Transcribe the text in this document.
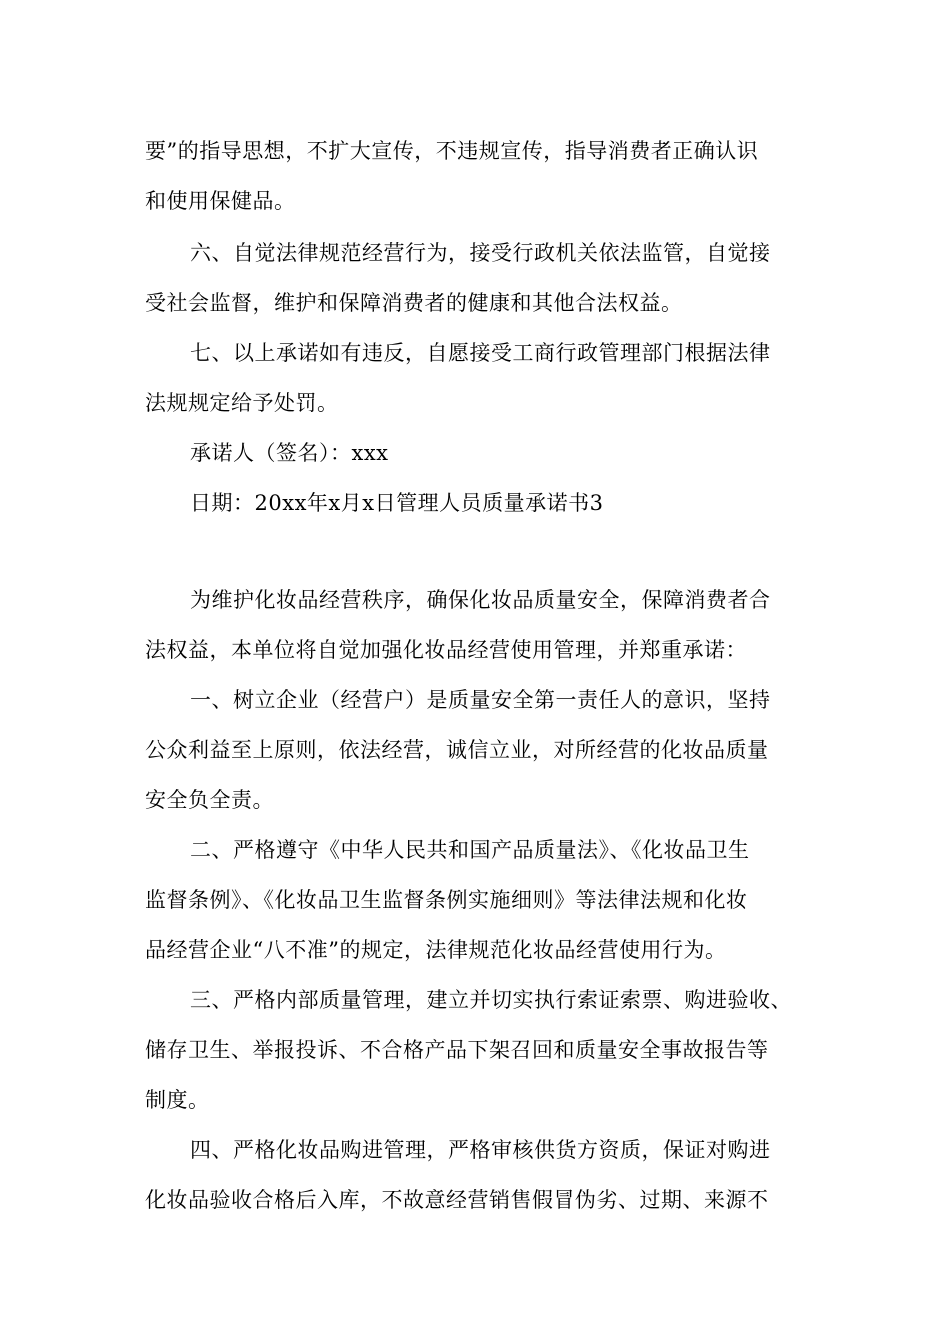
要”的指导思想，不扩大宣传，不违规宣传，指导消费者正确认识
和使用保健品。
六、自觉法律规范经营行为，接受行政机关依法监管，自觉接
受社会监督，维护和保障消费者的健康和其他合法权益。
七、以上承诺如有违反，自愿接受工商行政管理部门根据法律
法规规定给予处罚。
承诺人（签名）：xxx
日期：20xx年x月x日管理人员质量承诺书3
为维护化妆品经营秩序，确保化妆品质量安全，保障消费者合
法权益，本单位将自觉加强化妆品经营使用管理，并郑重承诺：
一、树立企业（经营户）是质量安全第一责任人的意识，坚持
公众利益至上原则，依法经营，诚信立业，对所经营的化妆品质量
安全负全责。
二、严格遵守《中华人民共和国产品质量法》、《化妆品卫生
监督条例》、《化妆品卫生监督条例实施细则》等法律法规和化妆
品经营企业“八不准”的规定，法律规范化妆品经营使用行为。
三、严格内部质量管理，建立并切实执行索证索票、购进验收、
储存卫生、举报投诉、不合格产品下架召回和质量安全事故报告等
制度。
四、严格化妆品购进管理，严格审核供货方资质，保证对购进
化妆品验收合格后入库，不故意经营销售假冒伪劣、过期、来源不
